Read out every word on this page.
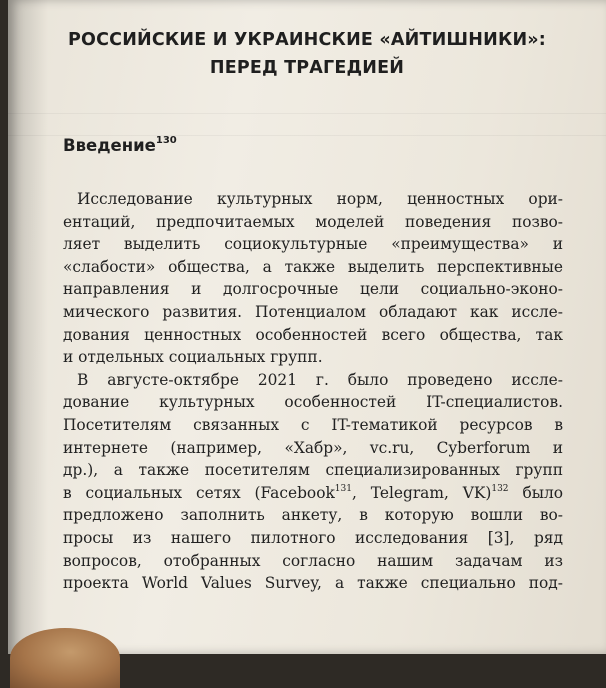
РОССИЙСКИЕ И УКРАИНСКИЕ «АЙТИШНИКИ»:
ПЕРЕД ТРАГЕДИЕЙ
Введение$^{130}$
Исследование культурных норм, ценностных ори-
ентаций, предпочитаемых моделей поведения позво-
ляет выделить социокультурные «преимущества» и
«слабости» общества, а также выделить перспективные
направления и долгосрочные цели социально-эконо-
мического развития. Потенциалом обладают как иссле-
дования ценностных особенностей всего общества, так
и отдельных социальных групп.
В августе-октябре 2021 г. было проведено иссле-
дование культурных особенностей IT-специалистов.
Посетителям связанных с IT-тематикой ресурсов в
интернете (например, «Хабр», vc.ru, Cyberforum и
др.), а также посетителям специализированных групп
в социальных сетях (Facebook$^{131}$, Telegram, VK)$^{132}$ было
предложено заполнить анкету, в которую вошли во-
просы из нашего пилотного исследования [3], ряд
вопросов, отобранных согласно нашим задачам из
проекта World Values Survey, а также специально под-
